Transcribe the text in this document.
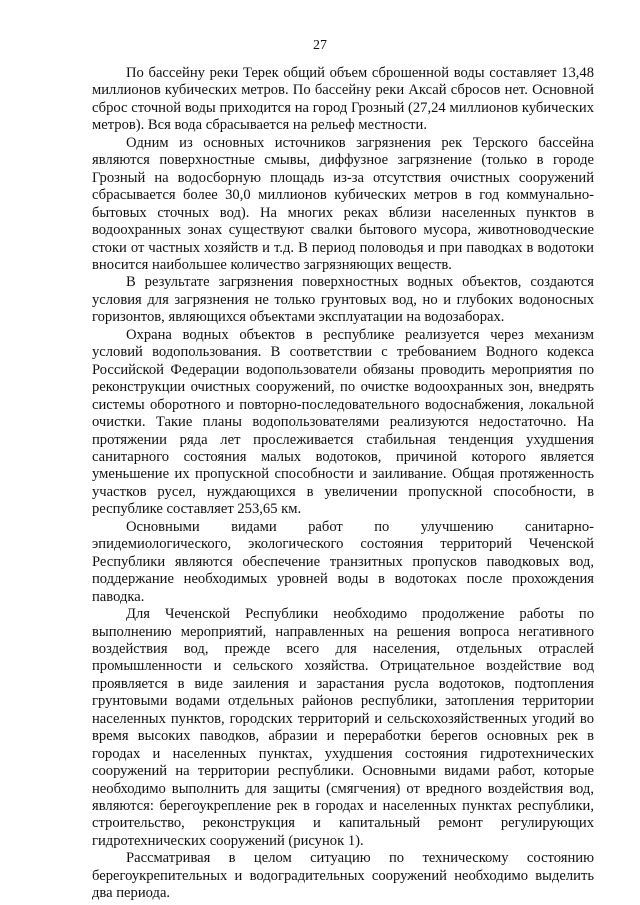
27

По бассейну реки Терек общий объем сброшенной воды составляет 13,48 миллионов кубических метров. По бассейну реки Аксай сбросов нет. Основной сброс сточной воды приходится на город Грозный (27,24 миллионов кубических метров). Вся вода сбрасывается на рельеф местности.

Одним из основных источников загрязнения рек Терского бассейна являются поверхностные смывы, диффузное загрязнение (только в городе Грозный на водосборную площадь из-за отсутствия очистных сооружений сбрасывается более 30,0 миллионов кубических метров в год коммунально-бытовых сточных вод). На многих реках вблизи населенных пунктов в водоохранных зонах существуют свалки бытового мусора, животноводческие стоки от частных хозяйств и т.д. В период половодья и при паводках в водотоки вносится наибольшее количество загрязняющих веществ.

В результате загрязнения поверхностных водных объектов, создаются условия для загрязнения не только грунтовых вод, но и глубоких водоносных горизонтов, являющихся объектами эксплуатации на водозаборах.

Охрана водных объектов в республике реализуется через механизм условий водопользования. В соответствии с требованием Водного кодекса Российской Федерации водопользователи обязаны проводить мероприятия по реконструкции очистных сооружений, по очистке водоохранных зон, внедрять системы оборотного и повторно-последовательного водоснабжения, локальной очистки. Такие планы водопользователями реализуются недостаточно. На протяжении ряда лет прослеживается стабильная тенденция ухудшения санитарного состояния малых водотоков, причиной которого является уменьшение их пропускной способности и заиливание. Общая протяженность участков русел, нуждающихся в увеличении пропускной способности, в республике составляет 253,65 км.

Основными видами работ по улучшению санитарно-эпидемиологического, экологического состояния территорий Чеченской Республики являются обеспечение транзитных пропусков паводковых вод, поддержание необходимых уровней воды в водотоках после прохождения паводка.

Для Чеченской Республики необходимо продолжение работы по выполнению мероприятий, направленных на решения вопроса негативного воздействия вод, прежде всего для населения, отдельных отраслей промышленности и сельского хозяйства. Отрицательное воздействие вод проявляется в виде заиления и зарастания русла водотоков, подтопления грунтовыми водами отдельных районов республики, затопления территории населенных пунктов, городских территорий и сельскохозяйственных угодий во время высоких паводков, абразии и переработки берегов основных рек в городах и населенных пунктах, ухудшения состояния гидротехнических сооружений на территории республики. Основными видами работ, которые необходимо выполнить для защиты (смягчения) от вредного воздействия вод, являются: берегоукрепление рек в городах и населенных пунктах республики, строительство, реконструкция и капитальный ремонт регулирующих гидротехнических сооружений (рисунок 1).

Рассматривая в целом ситуацию по техническому состоянию берегоукрепительных и водоградительных сооружений необходимо выделить два периода.
